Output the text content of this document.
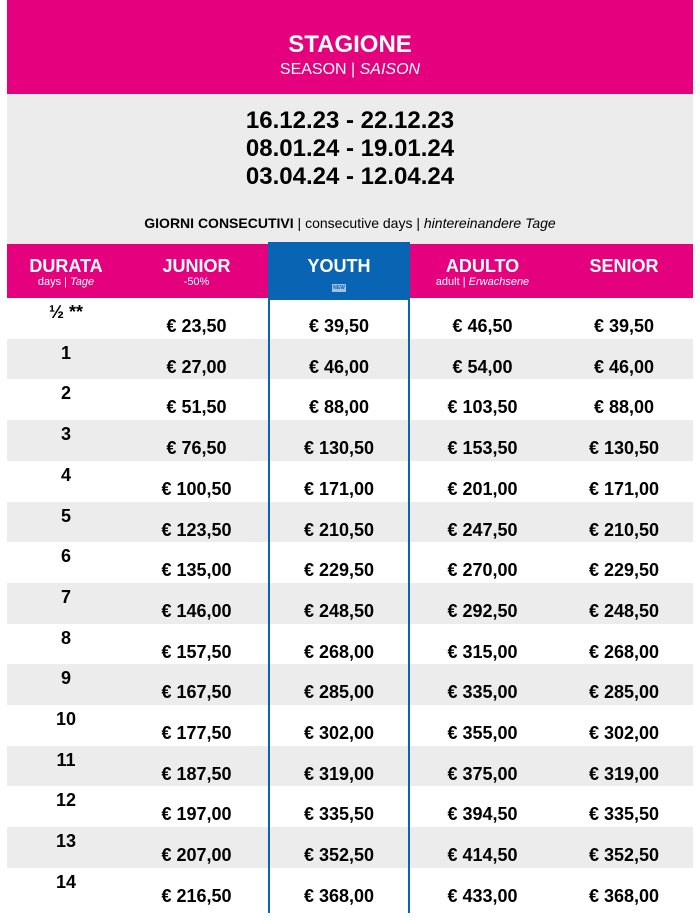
STAGIONE
SEASON | SAISON
16.12.23 - 22.12.23
08.01.24 - 19.01.24
03.04.24 - 12.04.24
GIORNI CONSECUTIVI | consecutive days | hintereinandere Tage
DURATA
days | Tage
JUNIOR
-50%
YOUTH
NEW
ADULTO
adult | Erwachsene
SENIOR
½ **
€ 23,50	€ 39,50	€ 46,50	€ 39,50
1
€ 27,00	€ 46,00	€ 54,00	€ 46,00
2
€ 51,50	€ 88,00	€ 103,50	€ 88,00
3
€ 76,50	€ 130,50	€ 153,50	€ 130,50
4
€ 100,50	€ 171,00	€ 201,00	€ 171,00
5
€ 123,50	€ 210,50	€ 247,50	€ 210,50
6
€ 135,00	€ 229,50	€ 270,00	€ 229,50
7
€ 146,00	€ 248,50	€ 292,50	€ 248,50
8
€ 157,50	€ 268,00	€ 315,00	€ 268,00
9
€ 167,50	€ 285,00	€ 335,00	€ 285,00
10
€ 177,50	€ 302,00	€ 355,00	€ 302,00
11
€ 187,50	€ 319,00	€ 375,00	€ 319,00
12
€ 197,00	€ 335,50	€ 394,50	€ 335,50
13
€ 207,00	€ 352,50	€ 414,50	€ 352,50
14
€ 216,50	€ 368,00	€ 433,00	€ 368,00
